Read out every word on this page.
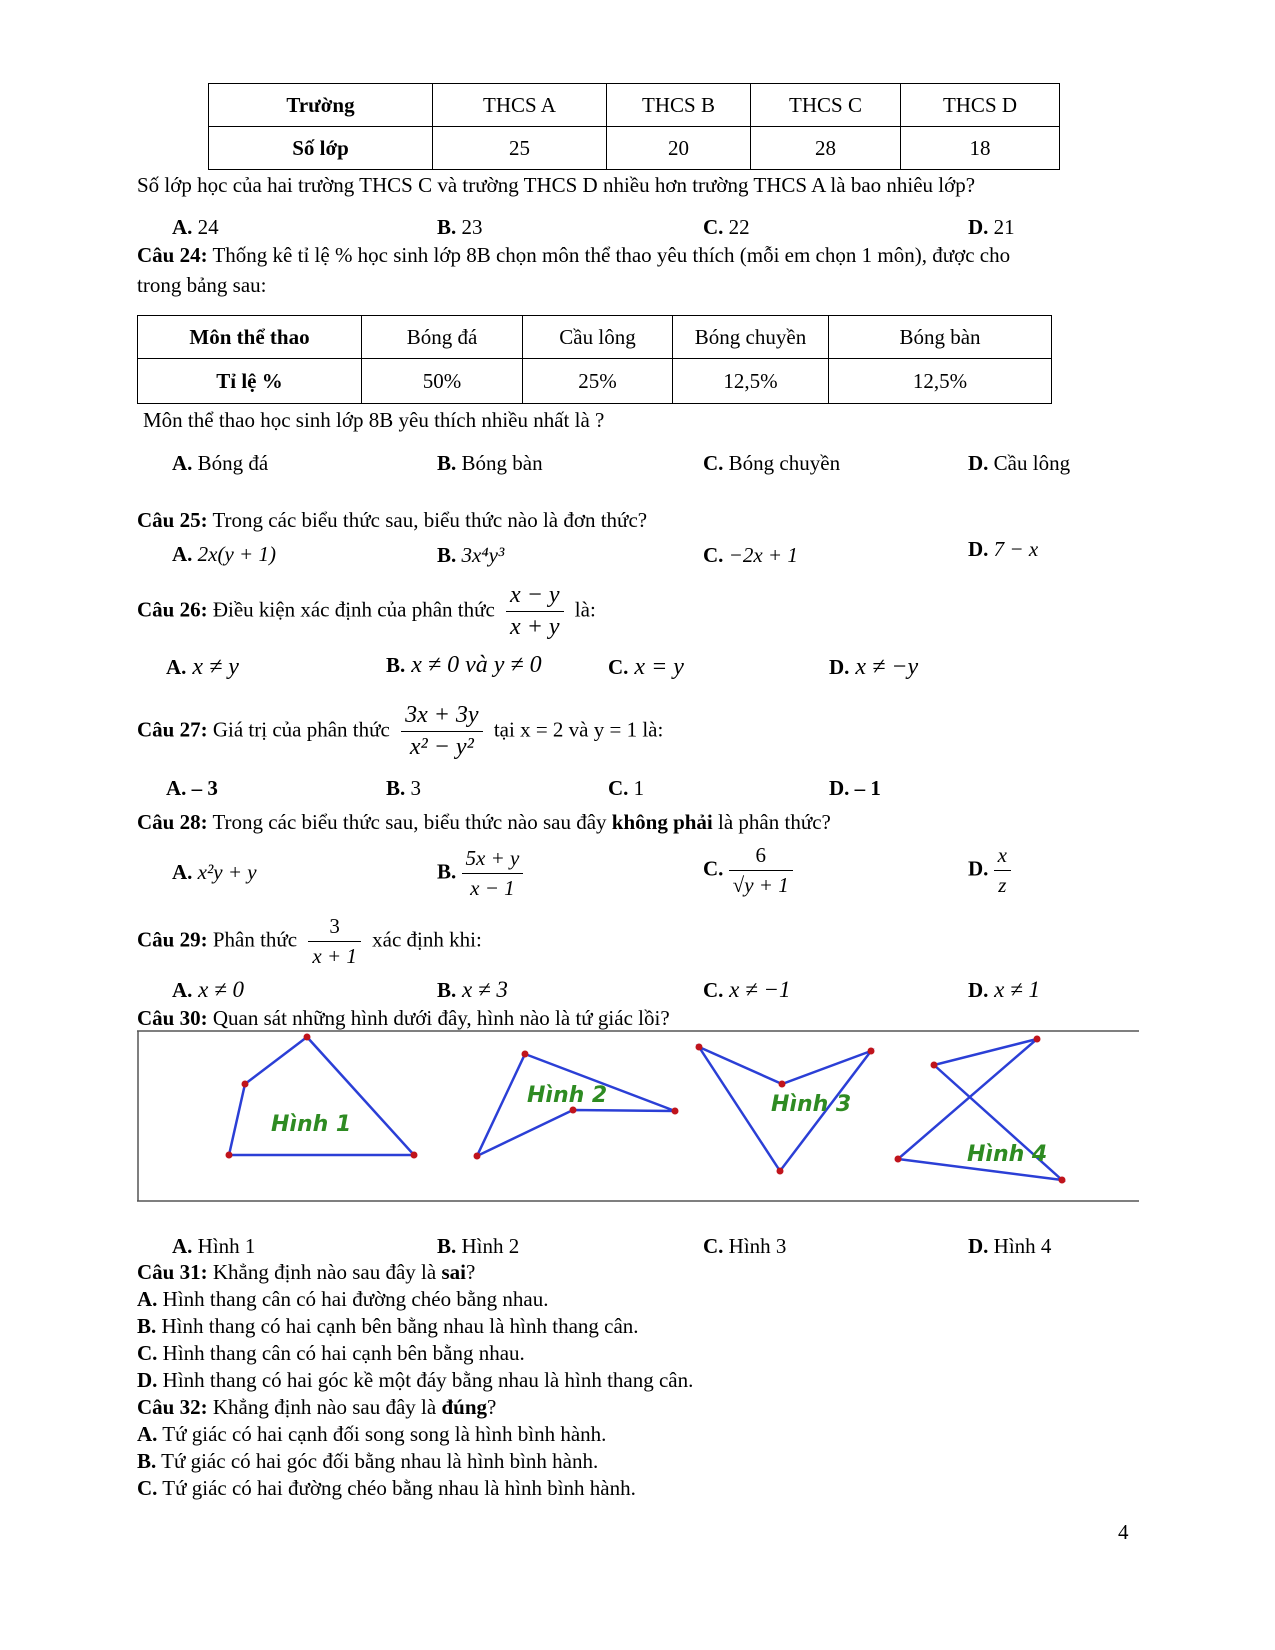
Trường	THCS A	THCS B	THCS C	THCS D
Số lớp	25	20	28	18
Số lớp học của hai trường THCS C và trường THCS D nhiều hơn trường THCS A là bao nhiêu lớp?
A. 24	B. 23	C. 22	D. 21
Câu 24: Thống kê tỉ lệ % học sinh lớp 8B chọn môn thể thao yêu thích (mỗi em chọn 1 môn), được cho
trong bảng sau:
Môn thể thao	Bóng đá	Cầu lông	Bóng chuyền	Bóng bàn
Tỉ lệ %	50%	25%	12,5%	12,5%
Môn thể thao học sinh lớp 8B yêu thích nhiều nhất là ?
A. Bóng đá	B. Bóng bàn	C. Bóng chuyền	D. Cầu lông
Câu 25: Trong các biểu thức sau, biểu thức nào là đơn thức?
A. 2x(y + 1)	B. 3x⁴y³	C. −2x + 1	D. 7 − x
Câu 26: Điều kiện xác định của phân thức $\frac{x - y}{x + y}$ là:
A. x ≠ y	B. x ≠ 0 và y ≠ 0	C. x = y	D. x ≠ −y
Câu 27: Giá trị của phân thức $\frac{3x + 3y}{\text{x² − y²}}$ tại x = 2 và y = 1 là:
A. – 3	B. 3	C. 1	D. – 1
Câu 28: Trong các biểu thức sau, biểu thức nào sau đây không phải là phân thức?
A. x²y + y	B. $\frac{5x + y}{x - 1}$	C. $\frac{6}{√y + 1}$	D. $\frac{x}{z}$
Câu 29: Phân thức $\frac{3}{x + 1}$ xác định khi:
A. x ≠ 0	B. x ≠ 3	C. x ≠ −1	D. x ≠ 1
Câu 30: Quan sát những hình dưới đây, hình nào là tứ giác lồi?
Hình 1
Hình 2	Hình 3
Hình 4
A. Hình 1	B. Hình 2	C. Hình 3	D. Hình 4
Câu 31: Khẳng định nào sau đây là sai?
A. Hình thang cân có hai đường chéo bằng nhau.
B. Hình thang có hai cạnh bên bằng nhau là hình thang cân.
C. Hình thang cân có hai cạnh bên bằng nhau.
D. Hình thang có hai góc kề một đáy bằng nhau là hình thang cân.
Câu 32: Khẳng định nào sau đây là đúng?
A. Tứ giác có hai cạnh đối song song là hình bình hành.
B. Tứ giác có hai góc đối bằng nhau là hình bình hành.
C. Tứ giác có hai đường chéo bằng nhau là hình bình hành.
4
